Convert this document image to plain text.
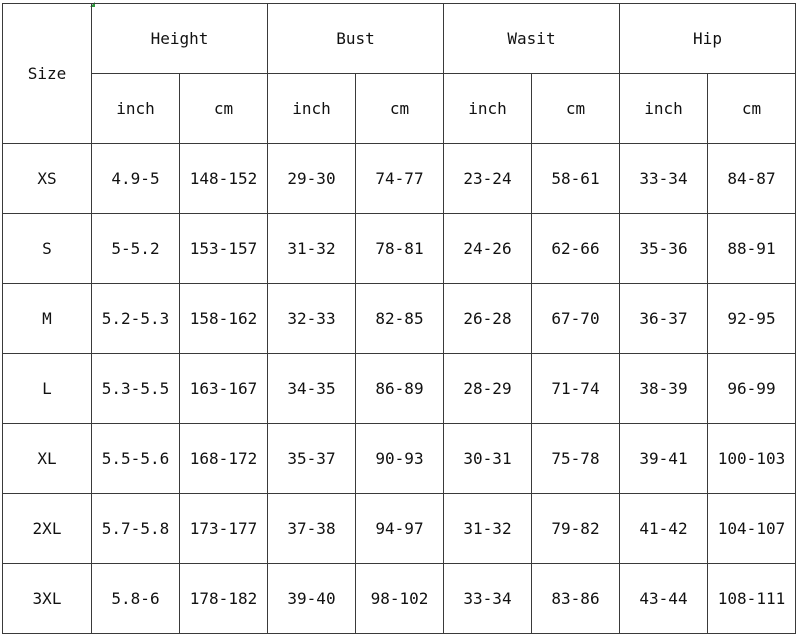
Size	Height		Bust		Wasit		Hip	
	inch	cm	inch	cm	inch	cm	inch	cm
XS	4.9-5	148-152	29-30	74-77	23-24	58-61	33-34	84-87
S	5-5.2	153-157	31-32	78-81	24-26	62-66	35-36	88-91
M	5.2-5.3	158-162	32-33	82-85	26-28	67-70	36-37	92-95
L	5.3-5.5	163-167	34-35	86-89	28-29	71-74	38-39	96-99
XL	5.5-5.6	168-172	35-37	90-93	30-31	75-78	39-41	100-103
2XL	5.7-5.8	173-177	37-38	94-97	31-32	79-82	41-42	104-107
3XL	5.8-6	178-182	39-40	98-102	33-34	83-86	43-44	108-111
